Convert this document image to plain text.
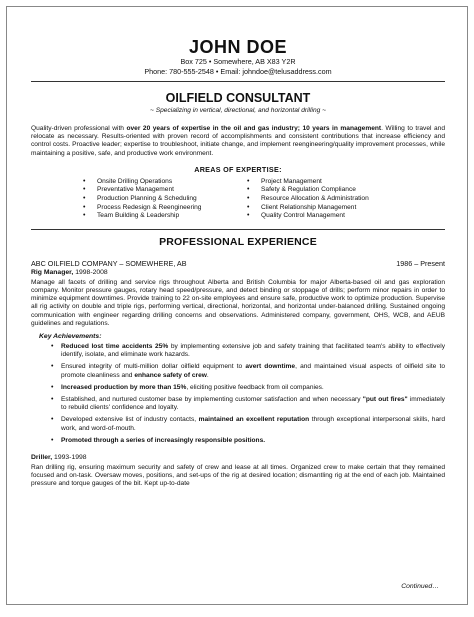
JOHN DOE
Box 725 • Somewhere, AB X83 Y2R
Phone: 780-555-2548 • Email: johndoe@telusaddress.com
OILFIELD CONSULTANT
~ Specializing in vertical, directional, and horizontal drilling ~

Quality-driven professional with over 20 years of expertise in the oil and gas industry; 10 years in management. Willing to travel and relocate as necessary. Results-oriented with proven record of accomplishments and consistent contributions that increase efficiency and control costs. Proactive leader; expertise to troubleshoot, initiate change, and implement reengineering/quality improvement processes, while maintaining a positive, safe, and productive work environment.

AREAS OF EXPERTISE:
• Onsite Drilling Operations
• Preventative Management
• Production Planning & Scheduling
• Process Redesign & Reengineering
• Team Building & Leadership
• Project Management
• Safety & Regulation Compliance
• Resource Allocation & Administration
• Client Relationship Management
• Quality Control Management
PROFESSIONAL EXPERIENCE
ABC OILFIELD COMPANY – SOMEWHERE, AB	1986 – Present
Rig Manager, 1998-2008

Manage all facets of drilling and service rigs throughout Alberta and British Columbia for major Alberta-based oil and gas exploration company. Monitor pressure gauges, rotary head speed/pressure, and detect binding or stoppage of drills; perform minor repairs in order to minimize equipment downtimes. Provide training to 22 on-site employees and ensure safe, productive work to optimize production. Supervise all rig activity on double and triple rigs, performing vertical, directional, horizontal, and horizontal under-balanced drilling. Sustained ongoing communication with engineer regarding drilling concerns and observations. Administered company, government, OHS, WCB, and AEUB guidelines and regulations.

Key Achievements:
• Reduced lost time accidents 25% by implementing extensive job and safety training that facilitated team's ability to effectively identify, isolate, and eliminate work hazards.
• Ensured integrity of multi-million dollar oilfield equipment to avert downtime, and maintained visual aspects of oilfield site to promote cleanliness and enhance safety of crew.
• Increased production by more than 15%, eliciting positive feedback from oil companies.
• Established, and nurtured customer base by implementing customer satisfaction and when necessary "put out fires" immediately to rebuild clients' confidence and loyalty.
• Developed extensive list of industry contacts, maintained an excellent reputation through exceptional interpersonal skills, hard work, and word-of-mouth.
• Promoted through a series of increasingly responsible positions.
Driller, 1993-1998

Ran drilling rig, ensuring maximum security and safety of crew and lease at all times. Organized crew to make certain that they remained focused and on-task. Oversaw moves, positions, and set-ups of the rig at desired location; dismantling rig at the end of each job. Maintained pressure and torque gauges of the bit. Kept up-to-date

Continued…
